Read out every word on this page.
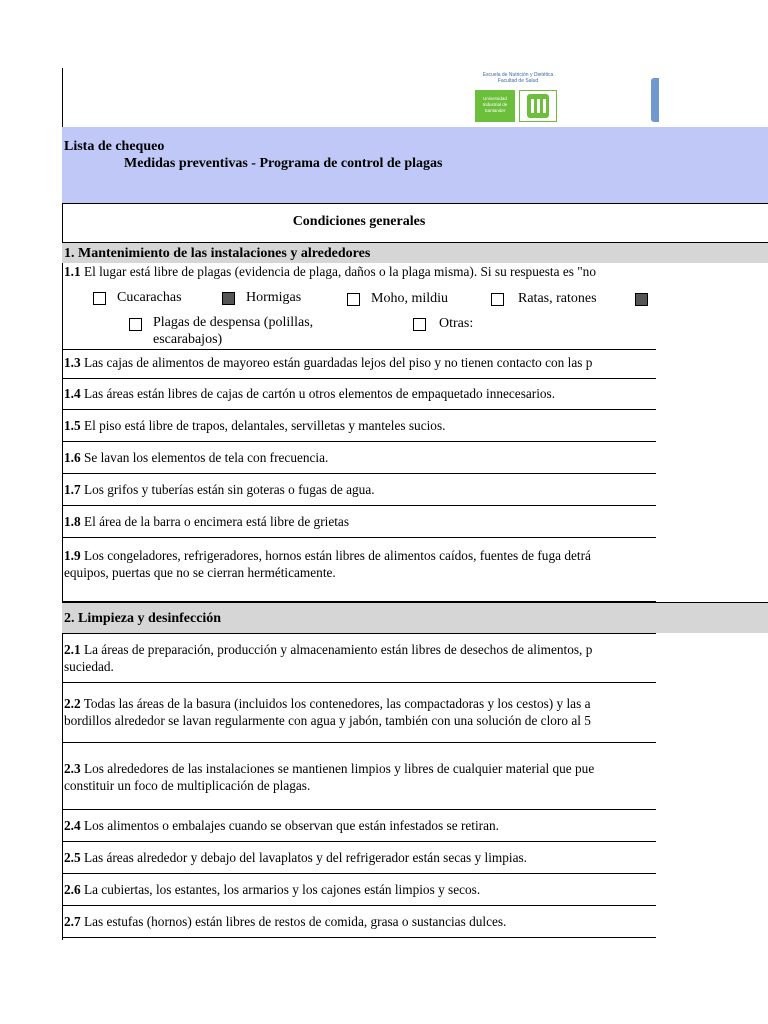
Escuela de Nutrición y Dietética
Facultad de Salud
Universidad Industrial de Santander
Lista de chequeo
Medidas preventivas - Programa de control de plagas
Condiciones generales
1. Mantenimiento de las instalaciones y alrededores
1.1 El lugar está libre de plagas (evidencia de plaga, daños o la plaga misma). Si su respuesta es "no
Cucarachas	Hormigas	Moho, mildiu	Ratas, ratones
Plagas de despensa (polillas, escarabajos)
Otras:
1.3 Las cajas de alimentos de mayoreo están guardadas lejos del piso y no tienen contacto con las p
1.4 Las áreas están libres de cajas de cartón u otros elementos de empaquetado innecesarios.
1.5 El piso está libre de trapos, delantales, servilletas y manteles sucios.
1.6 Se lavan los elementos de tela con frecuencia.
1.7 Los grifos y tuberías están sin goteras o fugas de agua.
1.8 El área de la barra o encimera está libre de grietas
1.9 Los congeladores, refrigeradores, hornos están libres de alimentos caídos, fuentes de fuga detrá
equipos, puertas que no se cierran herméticamente.
2. Limpieza y desinfección
2.1 La áreas de preparación, producción y almacenamiento están libres de desechos de alimentos, p
suciedad.
2.2 Todas las áreas de la basura (incluidos los contenedores, las compactadoras y los cestos) y las a
bordillos alrededor se lavan regularmente con agua y jabón, también con una solución de cloro al 5
2.3 Los alrededores de las instalaciones se mantienen limpios y libres de cualquier material que pue
constituir un foco de multiplicación de plagas.
2.4 Los alimentos o embalajes cuando se observan que están infestados se retiran.
2.5 Las áreas alrededor y debajo del lavaplatos y del refrigerador están secas y limpias.
2.6 La cubiertas, los estantes, los armarios y los cajones están limpios y secos.
2.7 Las estufas (hornos) están libres de restos de comida, grasa o sustancias dulces.
